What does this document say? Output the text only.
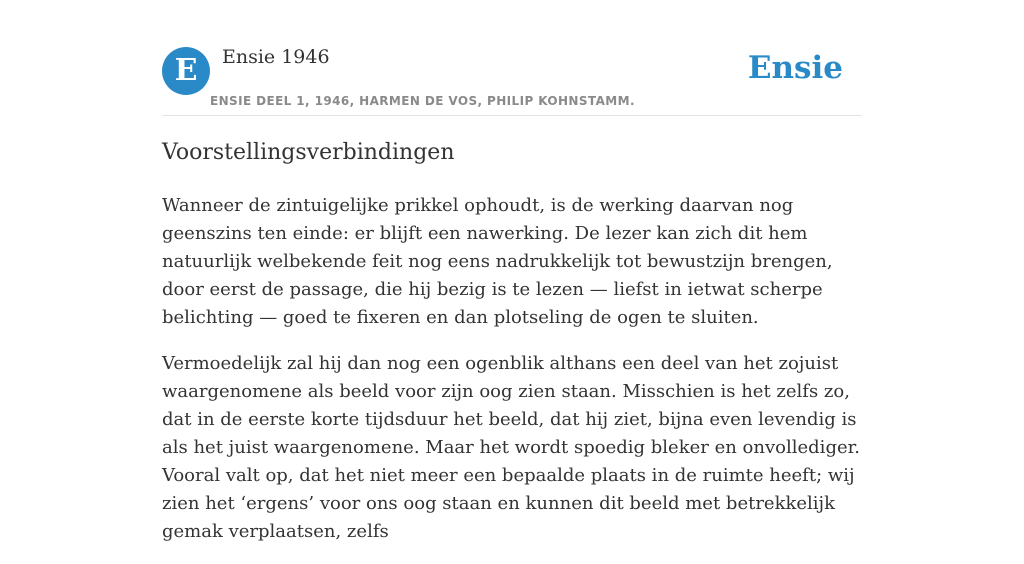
E	Ensie 1946
ENSIE DEEL 1, 1946, HARMEN DE VOS, PHILIP KOHNSTAMM.
Ensie
Voorstellingsverbindingen

Wanneer de zintuigelijke prikkel ophoudt, is de werking daarvan nog geenszins ten einde: er blijft een nawerking. De lezer kan zich dit hem natuurlijk welbekende feit nog eens nadrukkelijk tot bewustzijn brengen, door eerst de passage, die hij bezig is te lezen — liefst in ietwat scherpe belichting — goed te fixeren en dan plotseling de ogen te sluiten.

Vermoedelijk zal hij dan nog een ogenblik althans een deel van het zojuist waargenomene als beeld voor zijn oog zien staan. Misschien is het zelfs zo, dat in de eerste korte tijdsduur het beeld, dat hij ziet, bijna even levendig is als het juist waargenomene. Maar het wordt spoedig bleker en onvollediger. Vooral valt op, dat het niet meer een bepaalde plaats in de ruimte heeft; wij zien het ‘ergens’ voor ons oog staan en kunnen dit beeld met betrekkelijk gemak verplaatsen, zelfs
